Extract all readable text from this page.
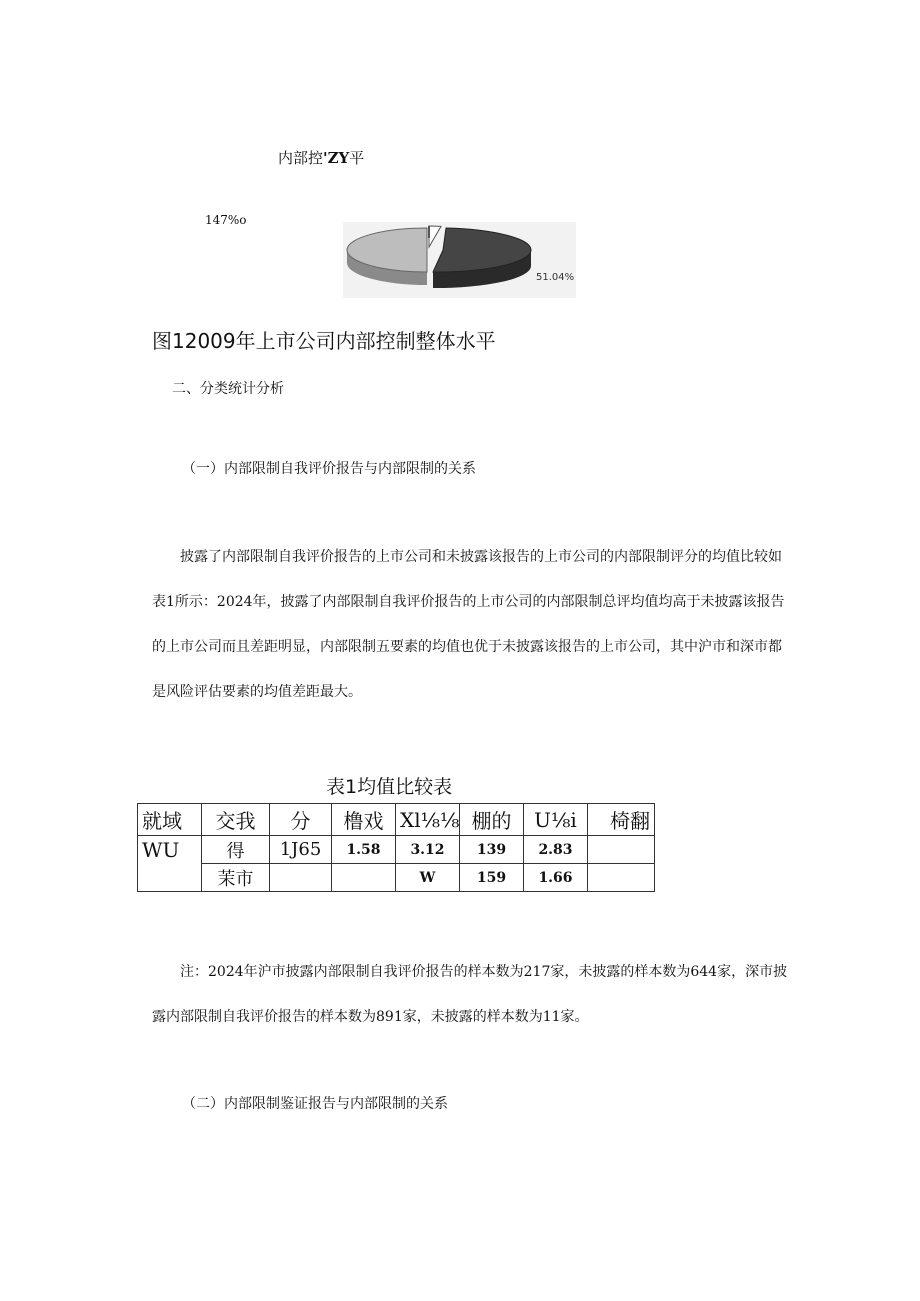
内部控'ZY平
147%o
51.04%
图12009年上市公司内部控制整体水平
二、分类统计分析
（一）内部限制自我评价报告与内部限制的关系

披露了内部限制自我评价报告的上市公司和未披露该报告的上市公司的内部限制评分的均值比较如表1所示：2024年，披露了内部限制自我评价报告的上市公司的内部限制总评均值均高于未披露该报告的上市公司而且差距明显，内部限制五要素的均值也优于未披露该报告的上市公司，其中沪市和深市都是风险评估要素的均值差距最大。

表1均值比较表
就域	交我	分	橹戏	Xl⅛⅛	棚的	U⅛i	椅翻
WU	得	1J65	1.58	3.12	139	2.83	
	茉市			W	159	1.66	

注：2024年沪市披露内部限制自我评价报告的样本数为217家，未披露的样本数为644家，深市披露内部限制自我评价报告的样本数为891家，未披露的样本数为11家。

（二）内部限制鉴证报告与内部限制的关系
